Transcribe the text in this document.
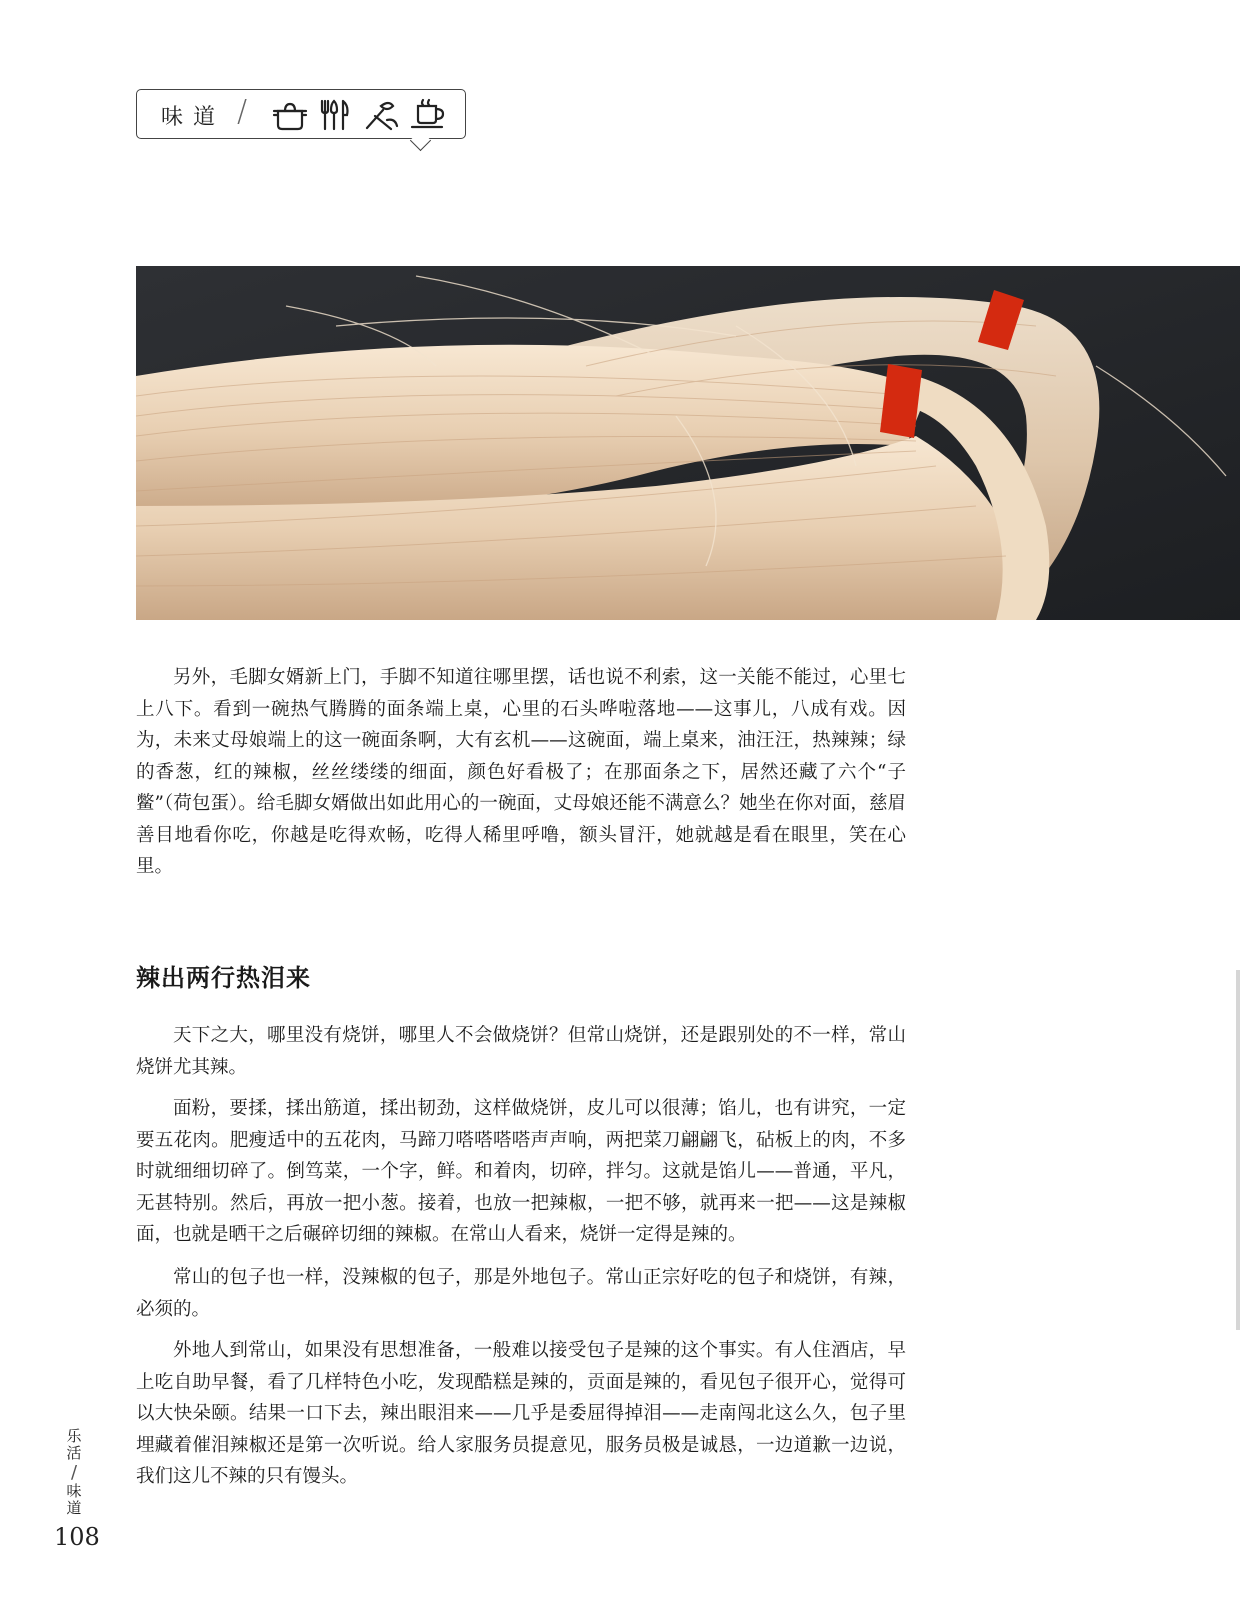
味道 /

另外，毛脚女婿新上门，手脚不知道往哪里摆，话也说不利索，这一关能不能过，心里七上八下。看到一碗热气腾腾的面条端上桌，心里的石头哗啦落地——这事儿，八成有戏。因为，未来丈母娘端上的这一碗面条啊，大有玄机——这碗面，端上桌来，油汪汪，热辣辣；绿的香葱，红的辣椒，丝丝缕缕的细面，颜色好看极了；在那面条之下，居然还藏了六个“子鳖”（荷包蛋）。给毛脚女婿做出如此用心的一碗面，丈母娘还能不满意么？她坐在你对面，慈眉善目地看你吃，你越是吃得欢畅，吃得人稀里呼噜，额头冒汗，她就越是看在眼里，笑在心里。

辣出两行热泪来

天下之大，哪里没有烧饼，哪里人不会做烧饼？但常山烧饼，还是跟别处的不一样，常山烧饼尤其辣。

面粉，要揉，揉出筋道，揉出韧劲，这样做烧饼，皮儿可以很薄；馅儿，也有讲究，一定要五花肉。肥瘦适中的五花肉，马蹄刀嗒嗒嗒嗒声声响，两把菜刀翩翩飞，砧板上的肉，不多时就细细切碎了。倒笃菜，一个字，鲜。和着肉，切碎，拌匀。这就是馅儿——普通，平凡，无甚特别。然后，再放一把小葱。接着，也放一把辣椒，一把不够，就再来一把——这是辣椒面，也就是晒干之后碾碎切细的辣椒。在常山人看来，烧饼一定得是辣的。

常山的包子也一样，没辣椒的包子，那是外地包子。常山正宗好吃的包子和烧饼，有辣，必须的。

外地人到常山，如果没有思想准备，一般难以接受包子是辣的这个事实。有人住酒店，早上吃自助早餐，看了几样特色小吃，发现酷糕是辣的，贡面是辣的，看见包子很开心，觉得可以大快朵颐。结果一口下去，辣出眼泪来——几乎是委屈得掉泪——走南闯北这么久，包子里埋藏着催泪辣椒还是第一次听说。给人家服务员提意见，服务员极是诚恳，一边道歉一边说，我们这儿不辣的只有馒头。

乐
活
/
味
道
108
